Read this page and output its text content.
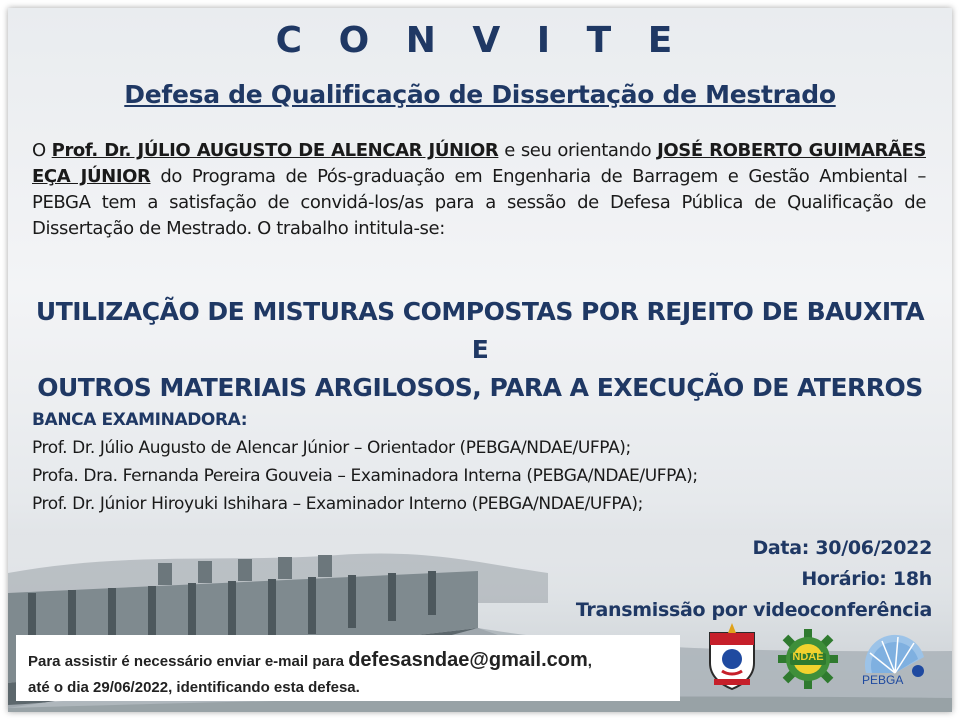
C O N V I T E
Defesa de Qualificação de Dissertação de Mestrado
O Prof. Dr. JÚLIO AUGUSTO DE ALENCAR JÚNIOR e seu orientando JOSÉ ROBERTO GUIMARÃES EÇA JÚNIOR do Programa de Pós-graduação em Engenharia de Barragem e Gestão Ambiental – PEBGA tem a satisfação de convidá-los/as para a sessão de Defesa Pública de Qualificação de Dissertação de Mestrado. O trabalho intitula-se:
UTILIZAÇÃO DE MISTURAS COMPOSTAS POR REJEITO DE BAUXITA E
OUTROS MATERIAIS ARGILOSOS, PARA A EXECUÇÃO DE ATERROS
BANCA EXAMINADORA:
Prof. Dr. Júlio Augusto de Alencar Júnior – Orientador (PEBGA/NDAE/UFPA);
Profa. Dra. Fernanda Pereira Gouveia – Examinadora Interna (PEBGA/NDAE/UFPA);
Prof. Dr. Júnior Hiroyuki Ishihara – Examinador Interno (PEBGA/NDAE/UFPA);
Data: 30/06/2022
Horário: 18h
Transmissão por videoconferência
Para assistir é necessário enviar e-mail para defesasndae@gmail.com,
até o dia 29/06/2022, identificando esta defesa.
NDAE
PEBGA
